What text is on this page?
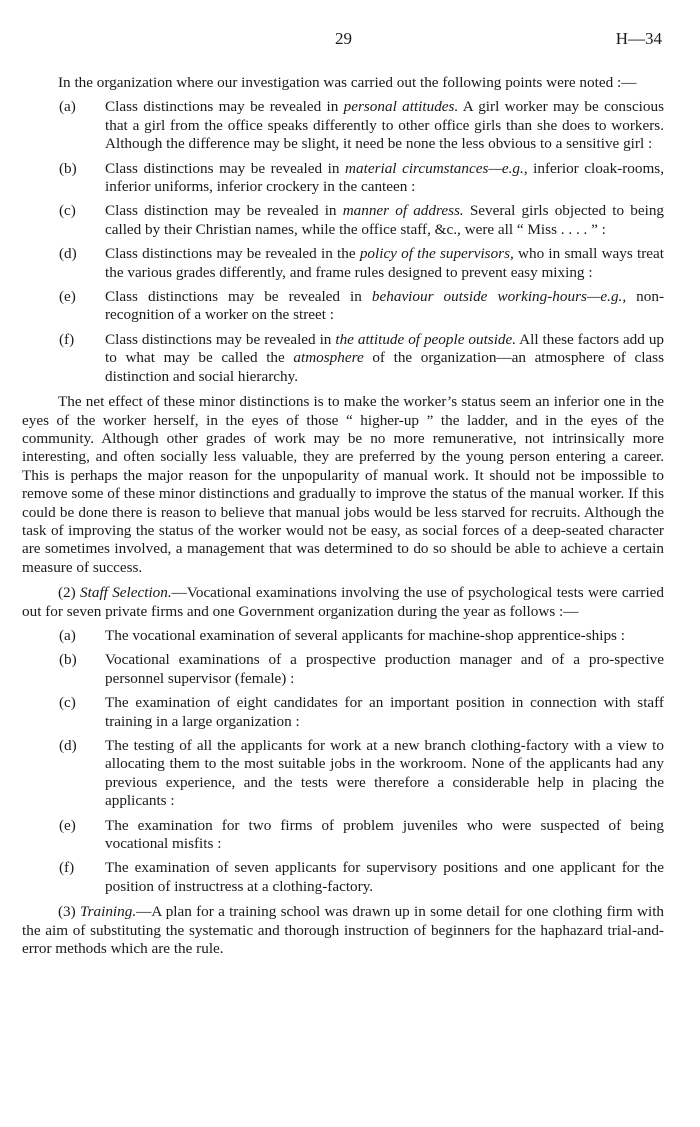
29	H—34

In the organization where our investigation was carried out the following points were noted :—

(a) Class distinctions may be revealed in personal attitudes. A girl worker may be conscious that a girl from the office speaks differently to other office girls than she does to workers. Although the difference may be slight, it need be none the less obvious to a sensitive girl :
(b) Class distinctions may be revealed in material circumstances—e.g., inferior cloak-rooms, inferior uniforms, inferior crockery in the canteen :
(c) Class distinction may be revealed in manner of address. Several girls objected to being called by their Christian names, while the office staff, &c., were all “ Miss . . . . ” :
(d) Class distinctions may be revealed in the policy of the supervisors, who in small ways treat the various grades differently, and frame rules designed to prevent easy mixing :
(e) Class distinctions may be revealed in behaviour outside working-hours—e.g., non-recognition of a worker on the street :
(f) Class distinctions may be revealed in the attitude of people outside. All these factors add up to what may be called the atmosphere of the organization—an atmosphere of class distinction and social hierarchy.

The net effect of these minor distinctions is to make the worker’s status seem an inferior one in the eyes of the worker herself, in the eyes of those “ higher-up ” the ladder, and in the eyes of the community. Although other grades of work may be no more remunerative, not intrinsically more interesting, and often socially less valuable, they are preferred by the young person entering a career. This is perhaps the major reason for the unpopularity of manual work. It should not be impossible to remove some of these minor distinctions and gradually to improve the status of the manual worker. If this could be done there is reason to believe that manual jobs would be less starved for recruits. Although the task of improving the status of the worker would not be easy, as social forces of a deep-seated character are sometimes involved, a management that was determined to do so should be able to achieve a certain measure of success.

(2) Staff Selection.—Vocational examinations involving the use of psychological tests were carried out for seven private firms and one Government organization during the year as follows :—

(a) The vocational examination of several applicants for machine-shop apprentice-ships :
(b) Vocational examinations of a prospective production manager and of a pro-spective personnel supervisor (female) :
(c) The examination of eight candidates for an important position in connection with staff training in a large organization :
(d) The testing of all the applicants for work at a new branch clothing-factory with a view to allocating them to the most suitable jobs in the workroom. None of the applicants had any previous experience, and the tests were therefore a considerable help in placing the applicants :
(e) The examination for two firms of problem juveniles who were suspected of being vocational misfits :
(f) The examination of seven applicants for supervisory positions and one applicant for the position of instructress at a clothing-factory.

(3) Training.—A plan for a training school was drawn up in some detail for one clothing firm with the aim of substituting the systematic and thorough instruction of beginners for the haphazard trial-and-error methods which are the rule.
